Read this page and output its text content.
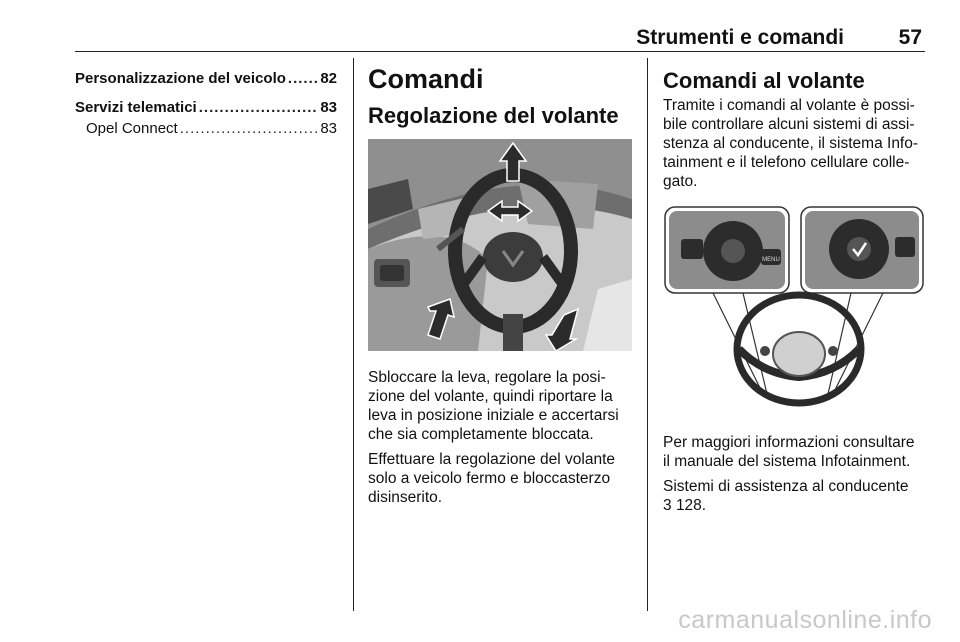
Strumenti e comandi	57
Personalizzazione del veicolo ..... 82
Servizi telematici .....	83
Opel Connect .....	83
Comandi
Regolazione del volante

Sbloccare la leva, regolare la posi-
zione del volante, quindi riportare la
leva in posizione iniziale e accertarsi
che sia completamente bloccata.

Effettuare la regolazione del volante
solo a veicolo fermo e bloccasterzo
disinserito.

Comandi al volante

Tramite i comandi al volante è possi-
bile controllare alcuni sistemi di assi-
stenza al conducente, il sistema Info-
tainment e il telefono cellulare colle-
gato.

MENU

Per maggiori informazioni consultare
il manuale del sistema Infotainment.

Sistemi di assistenza al conducente
3 128.

carmanualsonline.info
